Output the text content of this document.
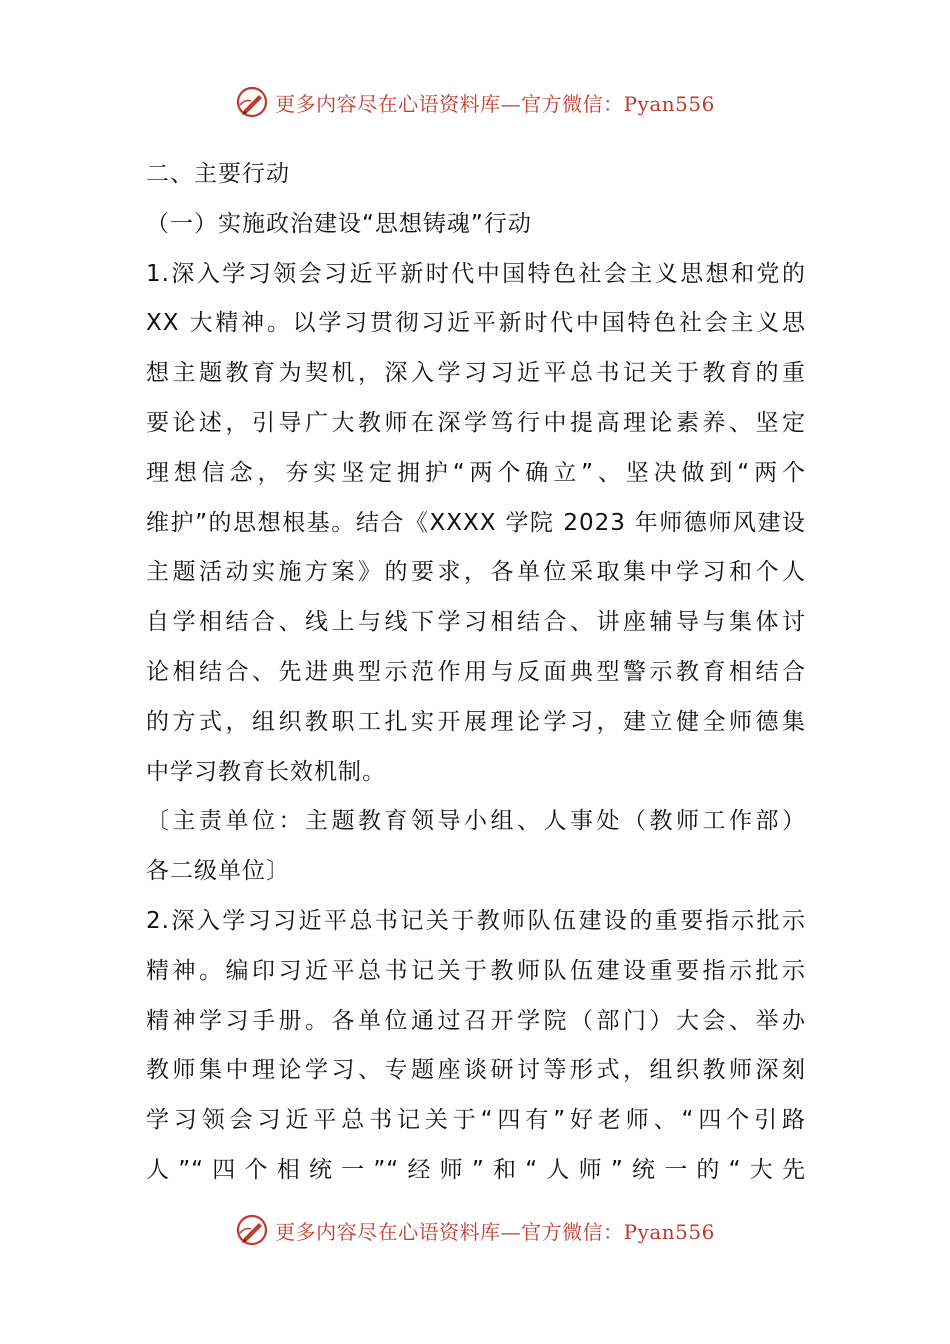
更多内容尽在心语资料库—官方微信：Pyan556
二、主要行动
（一）实施政治建设“思想铸魂”行动
1.深入学习领会习近平新时代中国特色社会主义思想和党的
XX 大精神。以学习贯彻习近平新时代中国特色社会主义思
想主题教育为契机，深入学习习近平总书记关于教育的重
要论述，引导广大教师在深学笃行中提高理论素养、坚定
理想信念，夯实坚定拥护“两个确立”、坚决做到“两个
维护”的思想根基。结合《XXXX 学院 2023 年师德师风建设
主题活动实施方案》的要求，各单位采取集中学习和个人
自学相结合、线上与线下学习相结合、讲座辅导与集体讨
论相结合、先进典型示范作用与反面典型警示教育相结合
的方式，组织教职工扎实开展理论学习，建立健全师德集
中学习教育长效机制。
〔主责单位：主题教育领导小组、人事处（教师工作部）
各二级单位〕
2.深入学习习近平总书记关于教师队伍建设的重要指示批示
精神。编印习近平总书记关于教师队伍建设重要指示批示
精神学习手册。各单位通过召开学院（部门）大会、举办
教师集中理论学习、专题座谈研讨等形式，组织教师深刻
学习领会习近平总书记关于“四有”好老师、“四个引路
人”“四个相统一”“经师”和“人师”统一的“大先
更多内容尽在心语资料库—官方微信：Pyan556
